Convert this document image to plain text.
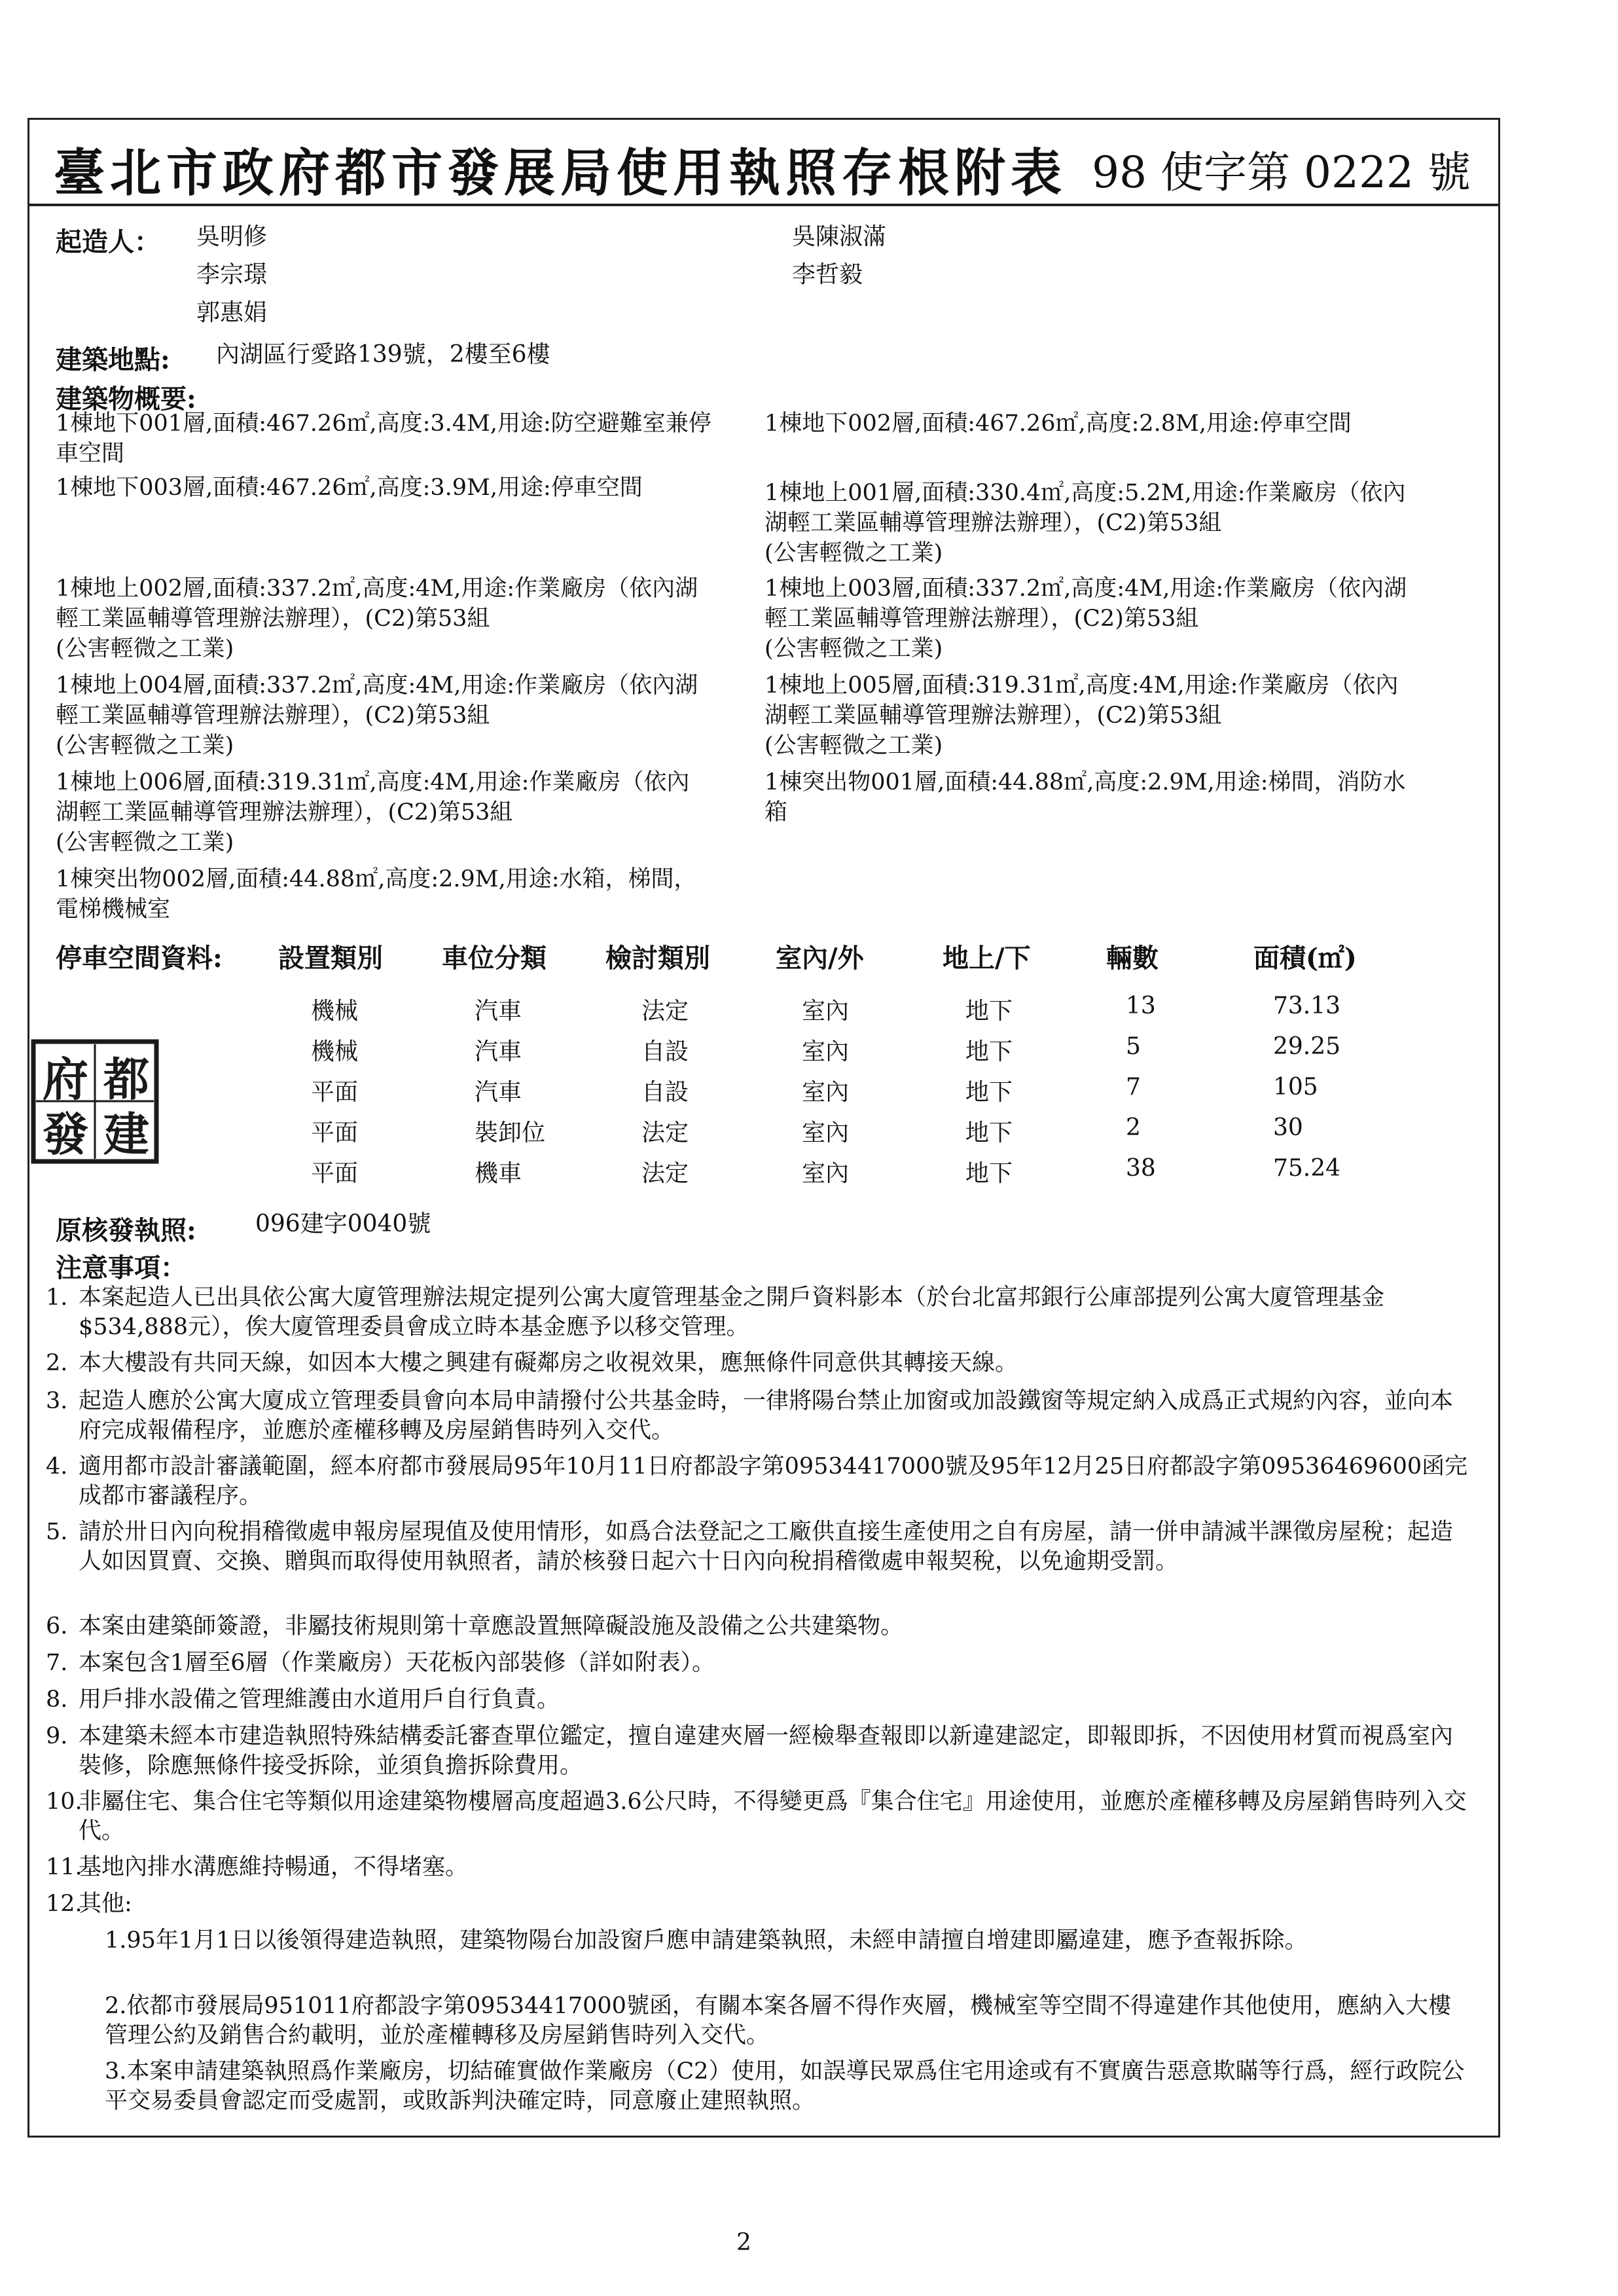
臺北市政府都市發展局使用執照存根附表 98 使字第 0222 號
起造人： 吳明修	吳陳淑滿
李宗璟	李哲毅
郭惠娟
建築地點: 內湖區行愛路139號，2樓至6樓
建築物概要:
1棟地下001層,面積:467.26㎡,高度:3.4M,用途:防空避難室兼停
車空間
1棟地下002層,面積:467.26㎡,高度:2.8M,用途:停車空間
1棟地下003層,面積:467.26㎡,高度:3.9M,用途:停車空間	1棟地上001層,面積:330.4㎡,高度:5.2M,用途:作業廠房（依內
湖輕工業區輔導管理辦法辦理），(C2)第53組
(公害輕微之工業)
1棟地上002層,面積:337.2㎡,高度:4M,用途:作業廠房（依內湖
輕工業區輔導管理辦法辦理），(C2)第53組
(公害輕微之工業)
1棟地上003層,面積:337.2㎡,高度:4M,用途:作業廠房（依內湖
輕工業區輔導管理辦法辦理），(C2)第53組
(公害輕微之工業)
1棟地上004層,面積:337.2㎡,高度:4M,用途:作業廠房（依內湖
輕工業區輔導管理辦法辦理），(C2)第53組
(公害輕微之工業)
1棟地上005層,面積:319.31㎡,高度:4M,用途:作業廠房（依內
湖輕工業區輔導管理辦法辦理），(C2)第53組
(公害輕微之工業)
1棟地上006層,面積:319.31㎡,高度:4M,用途:作業廠房（依內
湖輕工業區輔導管理辦法辦理），(C2)第53組
(公害輕微之工業)
1棟突出物001層,面積:44.88㎡,高度:2.9M,用途:梯間，消防水
箱
1棟突出物002層,面積:44.88㎡,高度:2.9M,用途:水箱，梯間，
電梯機械室
停車空間資料: 設置類別 車位分類 檢討類別	室內/外	地上/下	輛數	面積(㎡)
機械	汽車	法定	室內	地下	13	73.13
機械	汽車	自設	室內	地下	5	29.25
平面	汽車	自設	室內	地下	7	105
平面	裝卸位	法定	室內	地下	2	30
平面	機車	法定	室內	地下	38	75.24
府 都
發 建
原核發執照:	096建字0040號
注意事項：
1. 本案起造人已出具依公寓大廈管理辦法規定提列公寓大廈管理基金之開戶資料影本（於台北富邦銀行公庫部提列公寓大廈管理基金$534,888元），俟大廈管理委員會成立時本基金應予以移交管理。
2. 本大樓設有共同天線，如因本大樓之興建有礙鄰房之收視效果，應無條件同意供其轉接天線。
3. 起造人應於公寓大廈成立管理委員會向本局申請撥付公共基金時，一律將陽台禁止加窗或加設鐵窗等規定納入成爲正式規約內容，並向本府完成報備程序，並應於產權移轉及房屋銷售時列入交代。
4. 適用都市設計審議範圍，經本府都市發展局95年10月11日府都設字第09534417000號及95年12月25日府都設字第09536469600函完成都市審議程序。
5. 請於卅日內向稅捐稽徵處申報房屋現值及使用情形，如爲合法登記之工廠供直接生產使用之自有房屋，請一併申請減半課徵房屋稅；起造人如因買賣、交換、贈與而取得使用執照者，請於核發日起六十日內向稅捐稽徵處申報契稅，以免逾期受罰。
6. 本案由建築師簽證，非屬技術規則第十章應設置無障礙設施及設備之公共建築物。
7. 本案包含1層至6層（作業廠房）天花板內部裝修（詳如附表）。
8. 用戶排水設備之管理維護由水道用戶自行負責。
9. 本建築未經本市建造執照特殊結構委託審查單位鑑定，擅自違建夾層一經檢舉查報即以新違建認定，即報即拆，不因使用材質而視爲室內裝修，除應無條件接受拆除，並須負擔拆除費用。
10.
非屬住宅、集合住宅等類似用途建築物樓層高度超過3.6公尺時，不得變更爲『集合住宅』用途使用，並應於產權移轉及房屋銷售時列入交代。
11.
基地內排水溝應維持暢通，不得堵塞。
12.
其他:
1.95年1月1日以後領得建造執照，建築物陽台加設窗戶應申請建築執照，未經申請擅自增建即屬違建，應予查報拆除。
2.依都市發展局951011府都設字第09534417000號函，有關本案各層不得作夾層，機械室等空間不得違建作其他使用，應納入大樓管理公約及銷售合約載明，並於產權轉移及房屋銷售時列入交代。
3.本案申請建築執照爲作業廠房，切結確實做作業廠房（C2）使用，如誤導民眾爲住宅用途或有不實廣告惡意欺瞞等行爲，經行政院公平交易委員會認定而受處罰，或敗訴判決確定時，同意廢止建照執照。
2
